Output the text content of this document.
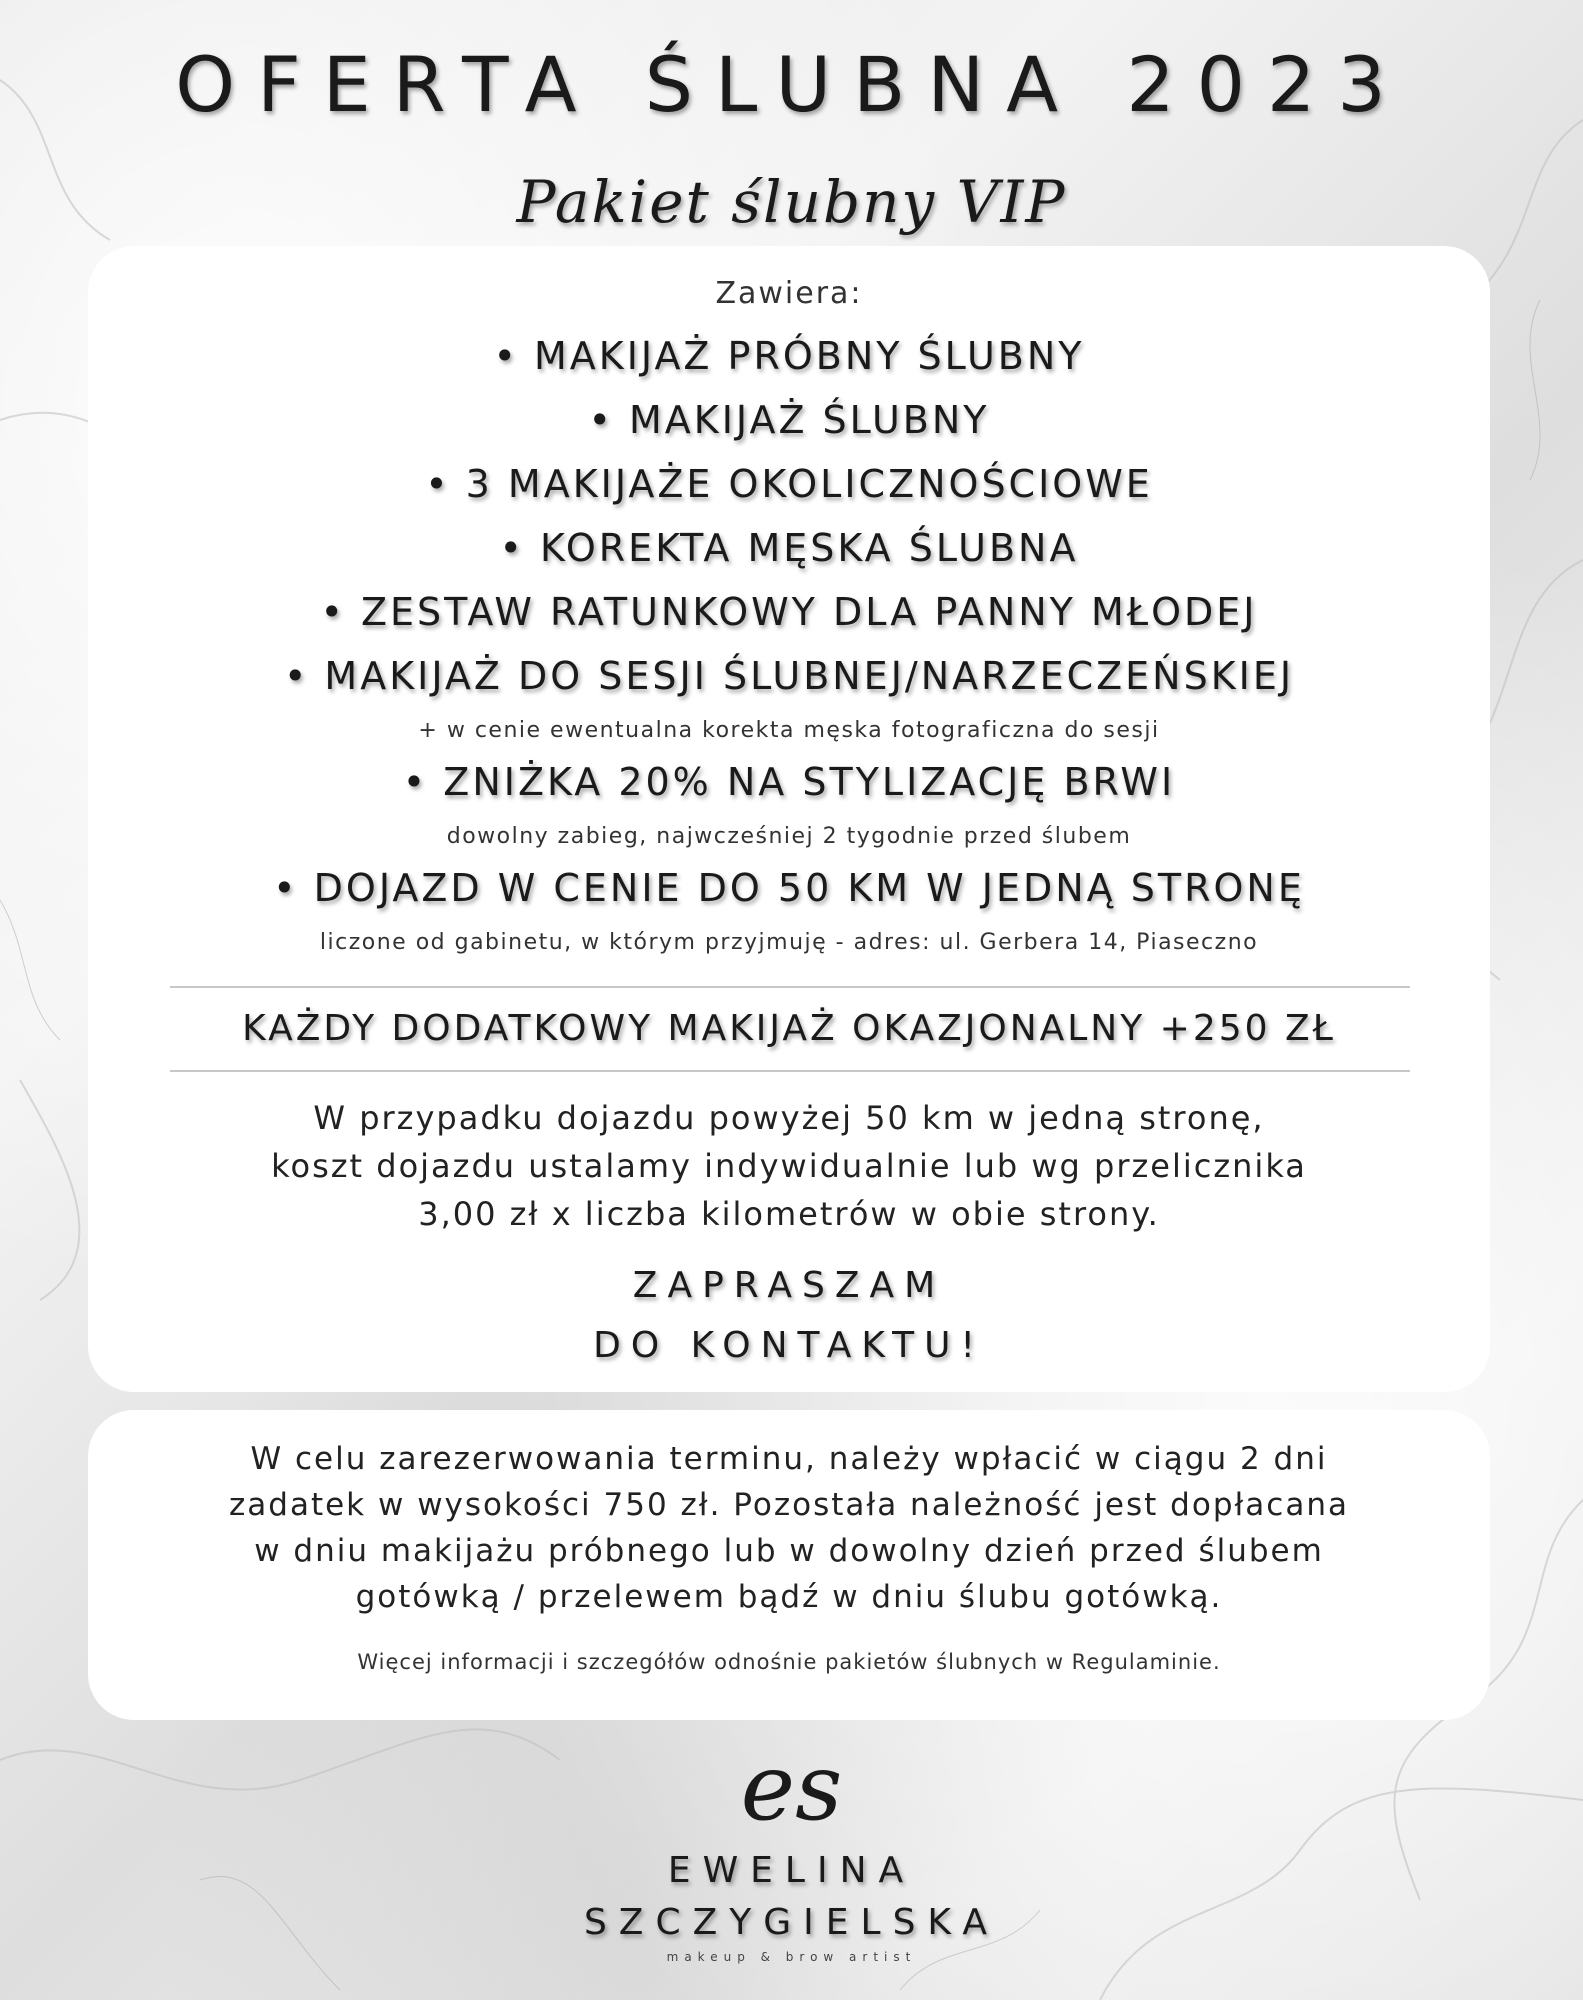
OFERTA ŚLUBNA 2023
Pakiet ślubny VIP
Zawiera:
• MAKIJAŻ PRÓBNY ŚLUBNY
• MAKIJAŻ ŚLUBNY
• 3 MAKIJAŻE OKOLICZNOŚCIOWE
• KOREKTA MĘSKA ŚLUBNA
• ZESTAW RATUNKOWY DLA PANNY MŁODEJ
• MAKIJAŻ DO SESJI ŚLUBNEJ/NARZECZEŃSKIEJ
+ w cenie ewentualna korekta męska fotograficzna do sesji
• ZNIŻKA 20% NA STYLIZACJĘ BRWI
dowolny zabieg, najwcześniej 2 tygodnie przed ślubem
• DOJAZD W CENIE DO 50 KM W JEDNĄ STRONĘ
liczone od gabinetu, w którym przyjmuję - adres: ul. Gerbera 14, Piaseczno
KAŻDY DODATKOWY MAKIJAŻ OKAZJONALNY +250 ZŁ
W przypadku dojazdu powyżej 50 km w jedną stronę,
koszt dojazdu ustalamy indywidualnie lub wg przelicznika
3,00 zł x liczba kilometrów w obie strony.
ZAPRASZAM
DO KONTAKTU!
W celu zarezerwowania terminu, należy wpłacić w ciągu 2 dni
zadatek w wysokości 750 zł. Pozostała należność jest dopłacana
w dniu makijażu próbnego lub w dowolny dzień przed ślubem
gotówką / przelewem bądź w dniu ślubu gotówką.
Więcej informacji i szczegółów odnośnie pakietów ślubnych w Regulaminie.
es
EWELINA
SZCZYGIELSKA
makeup & brow artist
